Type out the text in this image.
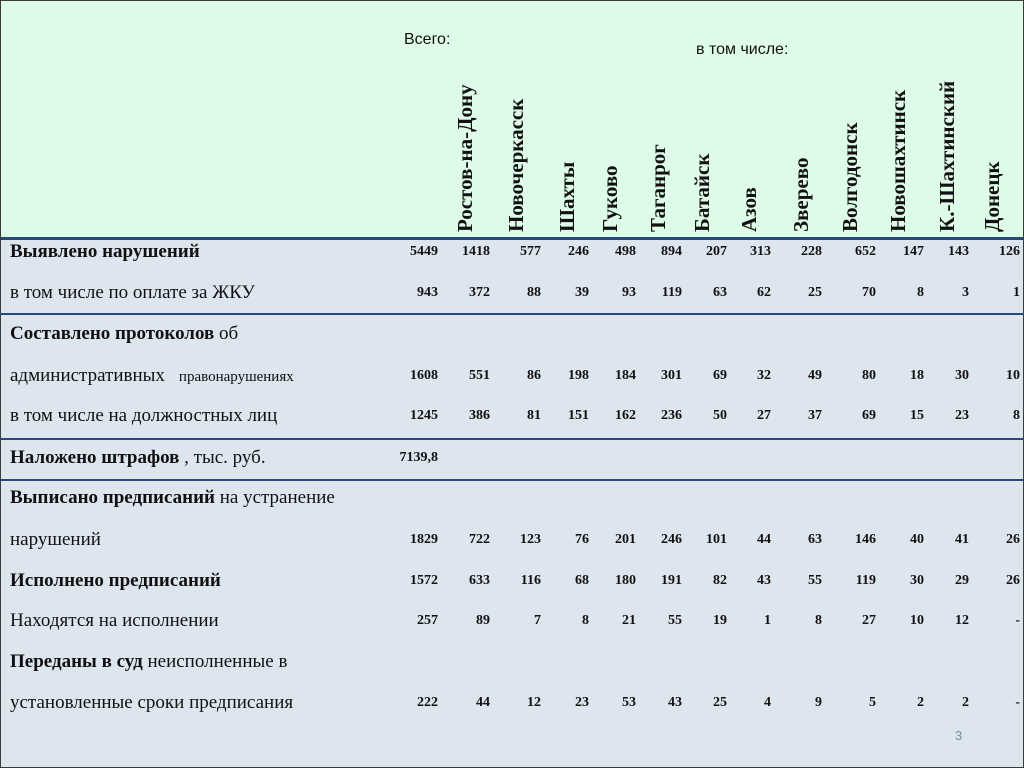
Всего:
в том числе:
3
Ростов-на-Дону Новочеркасск Шахты Гуково Таганрог Батайск Азов Зверево Волгодонск Новошахтинск К.-Шахтинский Донецк
Выявлено нарушений	5449 1418 577 246 498 894 207 313 228 652 147 143 126
в том числе по оплате за ЖКУ	943 372	88 39 93 119 63 62	25	70	8	3	1
Составлено протоколов об
административных правонарушениях	1608 551	86 198 184 301 69 32	49	80 18 30	10
в том числе на должностных лиц	1245 386	81 151 162 236 50 27	37	69 15 23	8
Наложено штрафов , тыс. руб.	7139,8
Выписано предписаний на устранение
нарушений	1829 722 123 76 201 246 101 44	63 146 40 41	26
Исполнено предписаний	1572 633 116 68 180 191 82 43	55 119 30 29	26
Находятся на исполнении	257	89	7	8 21 55 19	1	8	27 10 12	-
Переданы в суд неисполненные в
установленные сроки предписания	222	44	12 23 53 43 25	4	9	5	2	2	-
